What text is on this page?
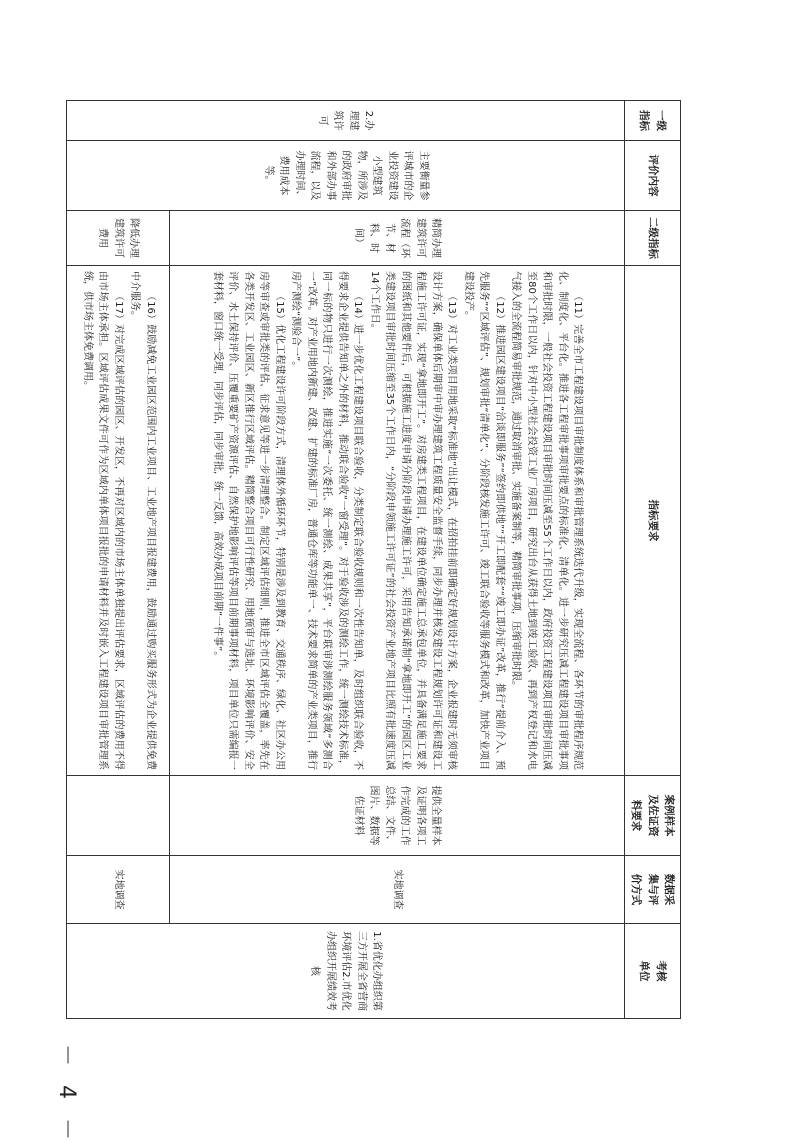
－ 4 －
一级
指标	评价内容	二级指标	指标要求	案例样本
及佐证资
料要求	数据采
集与评
价方式	考核
单位
2.办理建筑许可	主要衡量参评城市的企业投资建设小型建筑物，所涉及的政府审批和外部办事流程，以及办理时间、费用成本等。	精简办理建筑许可流程（环节、材料、时间）	（11）完善全市工程建设项目审批制度体系和审批管理系统迭代升级，实现全流程、各环节的审批程序规范化、制度化、平台化。推进各工程审批事项审批要点的标准化、清单化。进一步研究压减工程建设项目审批事项和审批时限，一般社会投资工程建设项目审批时间压减至55个工作日以内，政府投资工程建设项目审批时间压减至80个工作日以内，针对中小型社会投资工业厂房项目，研究出台从获得土地到竣工验收、再到产权登记和水电气接入的全流程简易审批规范，通过取消审批、实施备案制等，精简审批事项，压缩审批时限。

（12）推进园区建设项目“洽谈即服务”“签约即供地”“开工即配套”“竣工即办证”改革，推行“提前介入、预先服务”“区域评估”、规划审批“清单化”、分阶段核发施工许可、竣工联合验收等服务模式和改革，加快产业项目建设投产。

（13）对工业类项目用地采取“标准地”出让模式，在招拍挂前即确定好规划设计方案，企业报建时无须审核设计方案，确保单体后期审中审办理建筑工程质量安全监督手续，同步办理并核发建设工程规划许可证和建设工程施工许可证，实现“拿地即开工”。对房建类工程项目，在建设单位确定施工总承包单位，并具备满足施工要求的图纸和其他要件后，可根据施工进度申请分阶段申请办理施工许可，采用告知承诺制“拿地即开工”的园区工业类建设项目审批时间压缩至35个工作日内，“分阶段申领施工许可证”的社会投资产业地产项目比照有批速度压减14个工作日。

（14）进一步优化工程建设项目联合验收，分类制定联合验收规则和一次性告知单，及时组织联合验收，不得要求企业提供告知单之外的材料，推动联合验收“一窗受理”。对于验收涉及的测绘工作，统一测绘技术标准，同一标的物只进行一次测绘，推进实施“一次委托、统一测绘、成果共享”，平台联审涉测绘服务领域“多测合一”改革。对产业用地内新建、改建、扩建的标准厂房，普通仓库等功能单一、技术要求简单的产业类项目，推行房产测绘“测验合一”。

（15）优化工程建设许可阶段方式，清理体外循环环节，特别是涉及到教育、交通秩序、绿化、社区办公用房等审查或审批类的评估、征求意见等进一步清理整合。制定区域评估细则，推进全市区域评估全覆盖，率先在各类开发区、工业园区、新区推行区域评估。精简整合项目可行性研究、用地预审与选址、环境影响评价、安全评价、水土保持评价、压覆重要矿产资源评估、自然保护地影响评估等项目前期事项材料，项目单位只需编报一套材料，窗口统一受理，同步评估，同步审批，统一反馈，高效办成项目前期“一件事”。	提供全量样本及证明各项工作完成的工作总结、文件、图片、数据等佐证材料	实地调查	1.省优化办组织第三方开展全省营商环境评估2.市优化办组织开展绩效考核
		降低办理建筑许可费用	（16）鼓励减免工业园区范围内工业项目、工业地产项目报建费用，鼓励通过购买服务形式为企业提供免费中介服务。

（17）对完成区域评估的园区、开发区，不再对区域内的市场主体单独提出评估要求，区域评估的费用不得由市场主体承担。区域评估成果文件可作为区域内单体项目报批的申请材料并及时嵌入工程建设项目审批管理系统，供市场主体免费调用。		实地调查	
